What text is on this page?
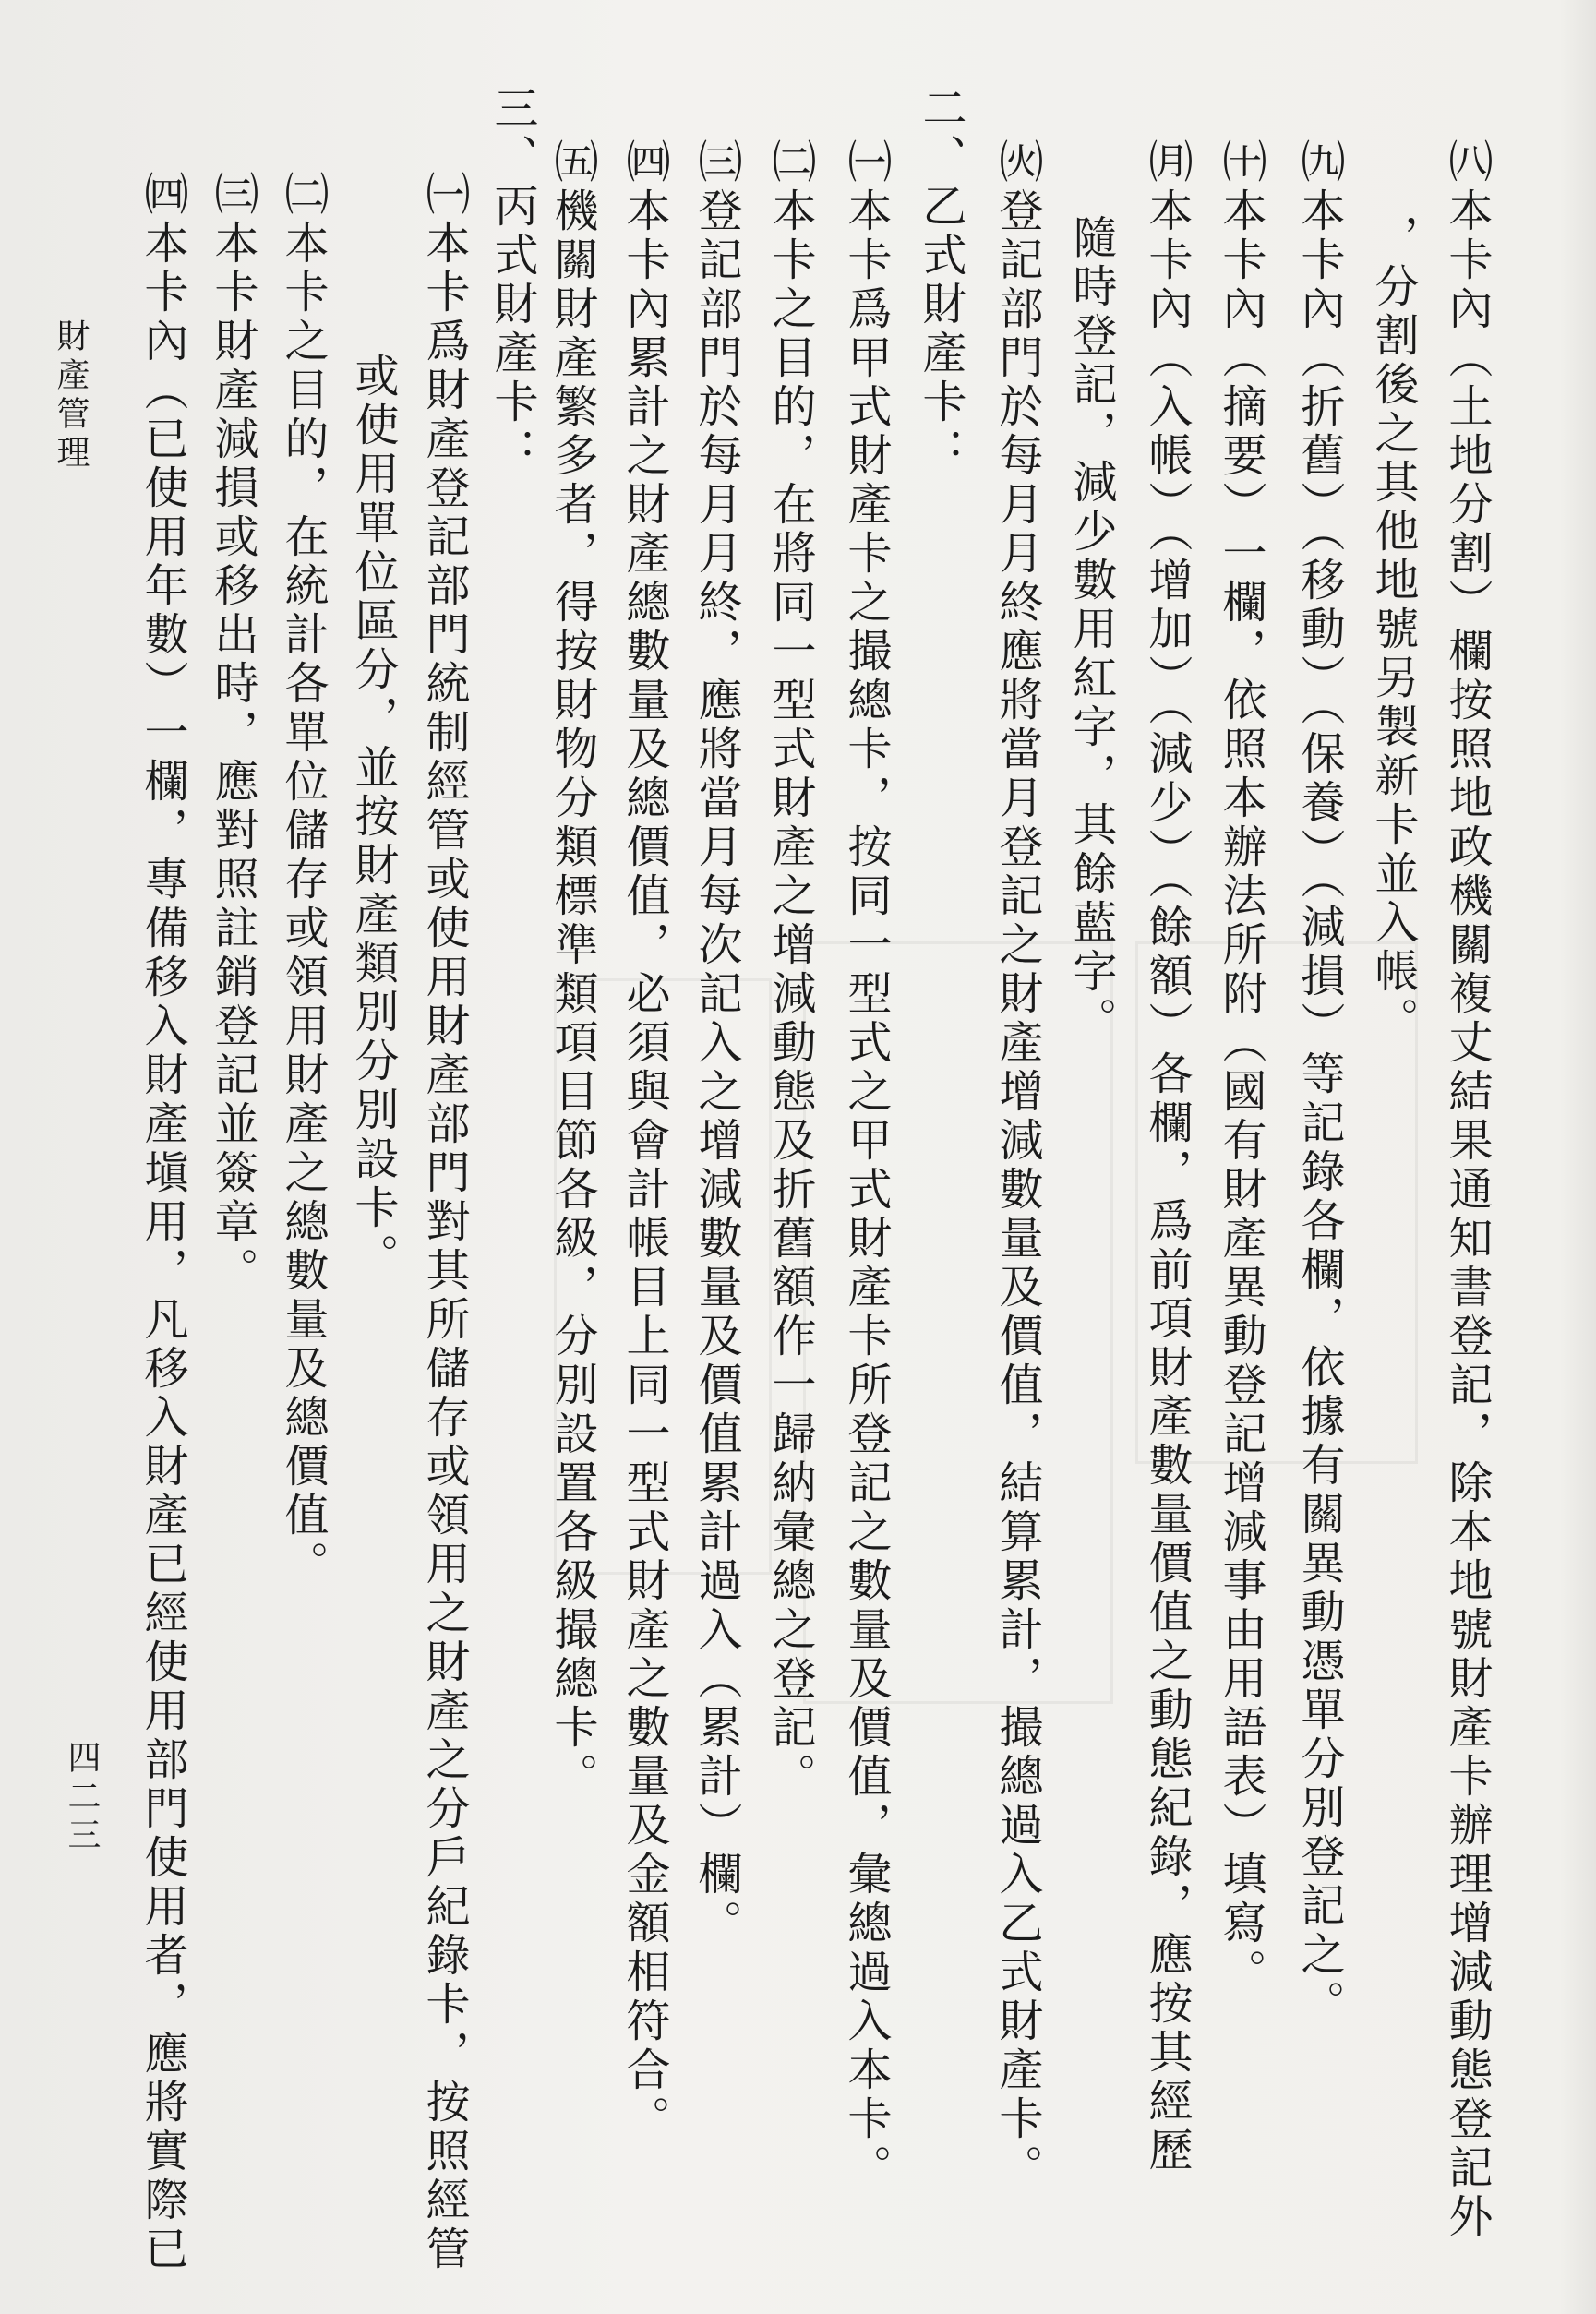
㈧本卡內（土地分割）欄按照地政機關複丈結果通知書登記，除本地號財產卡辦理增減動態登記外
，分割後之其他地號另製新卡並入帳。
㈨本卡內（折舊）（移動）（保養）（減損）等記錄各欄，依據有關異動憑單分別登記之。
㈩本卡內（摘要）一欄，依照本辦法所附（國有財產異動登記增減事由用語表）填寫。
㈪本卡內（入帳）（增加）（減少）（餘額）各欄，爲前項財產數量價值之動態紀錄，應按其經歷
隨時登記，減少數用紅字，其餘藍字。
㈫登記部門於每月月終應將當月登記之財產增減數量及價值，結算累計，撮總過入乙式財產卡。
二、乙式財產卡：
㈠本卡爲甲式財產卡之撮總卡，按同一型式之甲式財產卡所登記之數量及價值，彙總過入本卡。
㈡本卡之目的，在將同一型式財產之增減動態及折舊額作一歸納彙總之登記。
㈢登記部門於每月月終，應將當月每次記入之增減數量及價值累計過入（累計）欄。
㈣本卡內累計之財產總數量及總價值，必須與會計帳目上同一型式財產之數量及金額相符合。
㈤機關財產繁多者，得按財物分類標準類項目節各級，分別設置各級撮總卡。
三、丙式財產卡：
㈠本卡爲財產登記部門統制經管或使用財產部門對其所儲存或領用之財產之分戶紀錄卡，按照經管
或使用單位區分，並按財產類別分別設卡。
㈡本卡之目的，在統計各單位儲存或領用財產之總數量及總價值。
㈢本卡財產減損或移出時，應對照註銷登記並簽章。
㈣本卡內（已使用年數）一欄，專備移入財產塡用，凡移入財產已經使用部門使用者，應將實際已
財產管理
四二三
